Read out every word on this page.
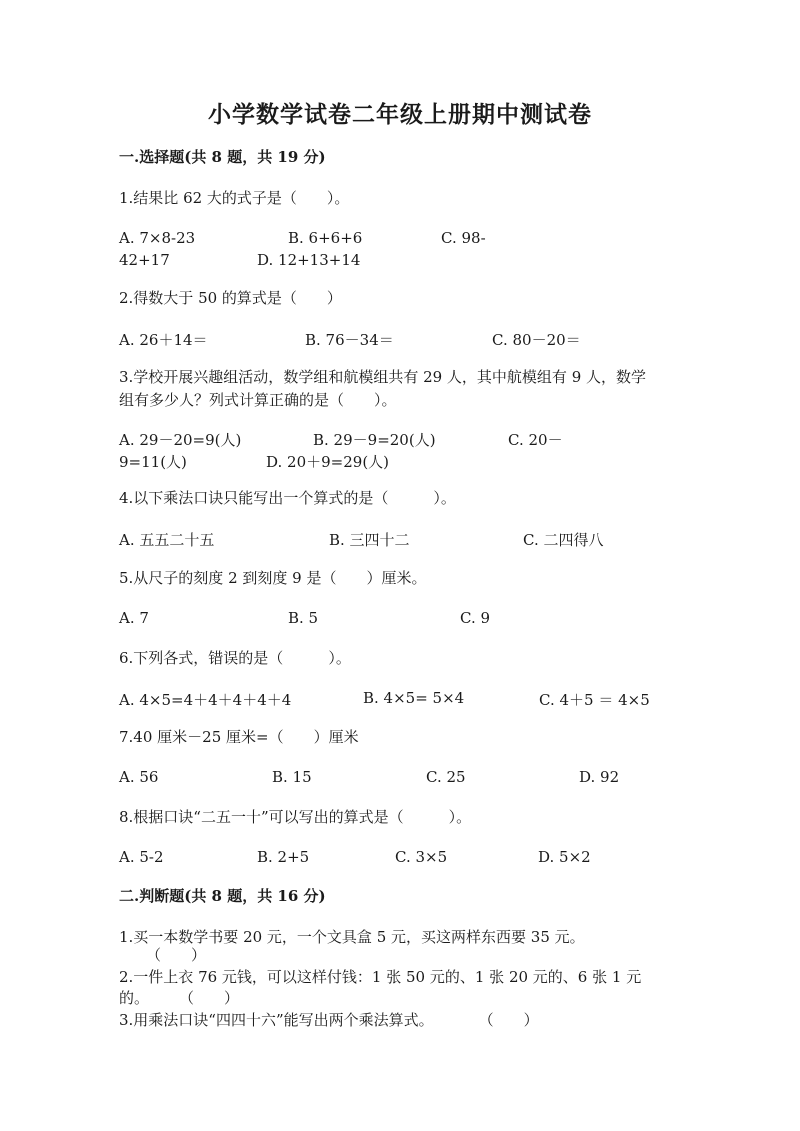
小学数学试卷二年级上册期中测试卷

一.选择题(共 8 题，共 19 分)

1.结果比 62 大的式子是（　　）。

A. 7×8-23	B. 6+6+6	C. 98-
42+17	D. 12+13+14

2.得数大于 50 的算式是（　　）

A. 26＋14＝	B. 76－34＝	C. 80－20＝

3.学校开展兴趣组活动，数学组和航模组共有 29 人，其中航模组有 9 人，数学

组有多少人？列式计算正确的是（　　）。

A. 29－20=9(人)	B. 29－9=20(人)	C. 20－
9=11(人)	D. 20＋9=29(人)

4.以下乘法口诀只能写出一个算式的是（　　　）。

A. 五五二十五	B. 三四十二	C. 二四得八

5.从尺子的刻度 2 到刻度 9 是（　　）厘米。

A. 7	B. 5	C. 9

6.下列各式，错误的是（　　　）。

A. 4×5=4＋4＋4＋4＋4	B. 4×5= 5×4	C. 4＋5 ＝ 4×5

7.40 厘米－25 厘米=（　　）厘米

A. 56	B. 15	C. 25	D. 92

8.根据口诀“二五一十”可以写出的算式是（　　　）。

A. 5-2	B. 2+5	C. 3×5	D. 5×2

二.判断题(共 8 题，共 16 分)

1.买一本数学书要 20 元，一个文具盒 5 元，买这两样东西要 35 元。

（　　）

2.一件上衣 76 元钱，可以这样付钱：1 张 50 元的、1 张 20 元的、6 张 1 元

的。　　　（　　）

3.用乘法口诀“四四十六”能写出两个乘法算式。　　　　（　　）
